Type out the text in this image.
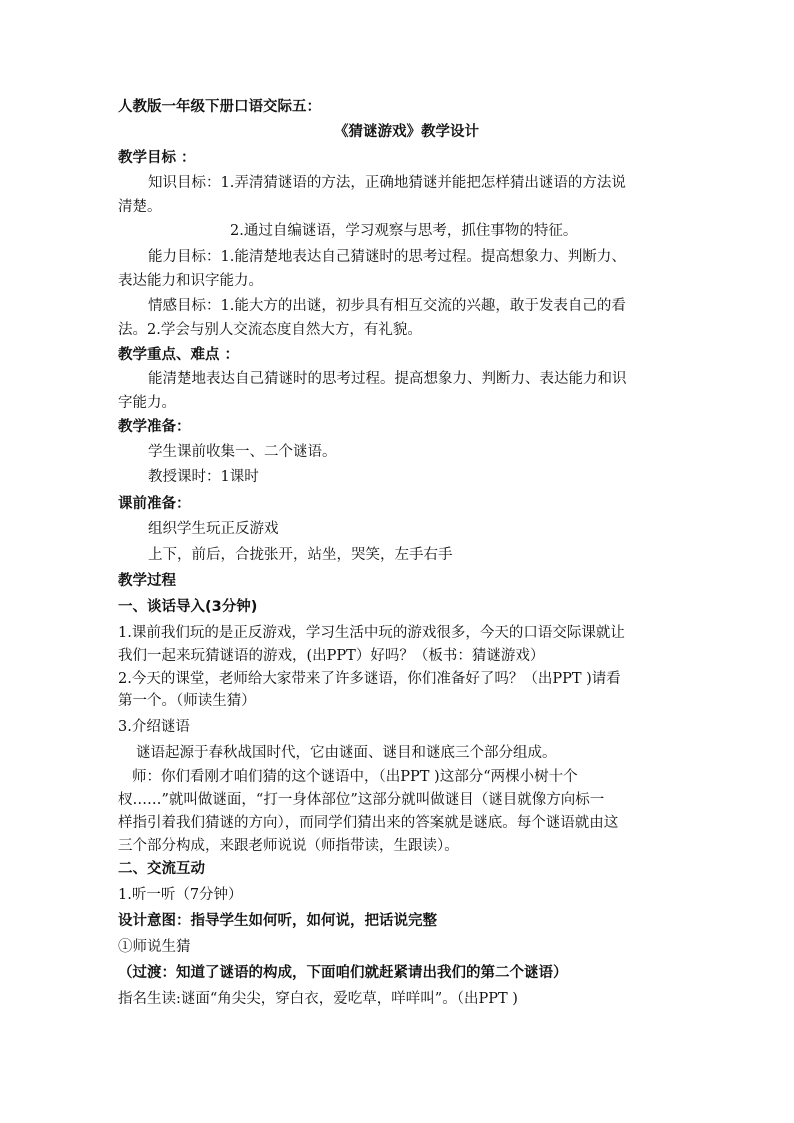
人教版一年级下册口语交际五：
《猜谜游戏》教学设计
教学目标 ：
知识目标：1.弄清猜谜语的方法，正确地猜谜并能把怎样猜出谜语的方法说
清楚。
2.通过自编谜语，学习观察与思考，抓住事物的特征。
能力目标：1.能清楚地表达自己猜谜时的思考过程。提高想象力、判断力、
表达能力和识字能力。
情感目标：1.能大方的出谜，初步具有相互交流的兴趣，敢于发表自己的看
法。2.学会与别人交流态度自然大方，有礼貌。
教学重点、难点 ：
能清楚地表达自己猜谜时的思考过程。提高想象力、判断力、表达能力和识
字能力。
教学准备：
学生课前收集一、二个谜语。
教授课时：1课时
课前准备：
组织学生玩正反游戏
上下，前后，合拢张开，站坐，哭笑，左手右手
教学过程
一、谈话导入(3分钟)
1.课前我们玩的是正反游戏，学习生活中玩的游戏很多，今天的口语交际课就让
我们一起来玩猜谜语的游戏，(出PPT）好吗？（板书：猜谜游戏）
2.今天的课堂，老师给大家带来了许多谜语，你们准备好了吗？（出PPT )请看
第一个。（师读生猜）
3.介绍谜语
谜语起源于春秋战国时代，它由谜面、谜目和谜底三个部分组成。
师：你们看刚才咱们猜的这个谜语中，（出PPT )这部分“两棵小树十个
杈……”就叫做谜面，“打一身体部位”这部分就叫做谜目（谜目就像方向标一
样指引着我们猜谜的方向），而同学们猜出来的答案就是谜底。每个谜语就由这
三个部分构成，来跟老师说说（师指带读，生跟读）。
二、交流互动
1.听一听（7分钟）
设计意图：指导学生如何听，如何说，把话说完整
①师说生猜
（过渡：知道了谜语的构成，下面咱们就赶紧请出我们的第二个谜语）
指名生读:谜面“角尖尖，穿白衣，爱吃草，咩咩叫”。（出PPT )
